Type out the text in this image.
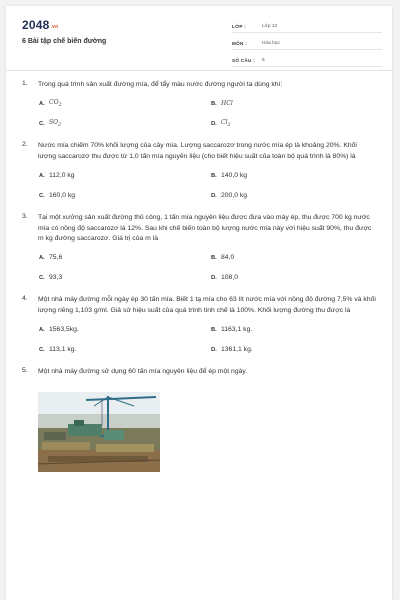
2048.vn
6 Bài tập chế biến đường
LỚP :	Lớp 12
MÔN :	Hóa học
SỐ CÂU :	6
1. Trong quá trình sản xuất đường mía, để tẩy màu nước đường người ta dùng khí:
A. $CO_2$	B. HCl
C. $SO_2$	D. $Cl_2$
2. Nước mía chiếm 70% khối lượng của cây mía. Lượng saccarozơ trong nước mía ép là khoảng 20%. Khối lượng saccarozơ thu được từ 1,0 tấn mía nguyên liệu (cho biết hiệu suất của toàn bộ quá trình là 80%) là
A. 112,0 kg	B. 140,0 kg
C. 160,0 kg	D. 200,0 kg
3. Tại một xưởng sản xuất đường thủ công, 1 tấn mía nguyên liệu được đưa vào máy ép, thu được 700 kg nước mía có nồng độ saccarozơ là 12%. Sau khi chế biến toàn bộ lượng nước mía này với hiệu suất 90%, thu được m kg đường saccarozơ. Giá trị của m là
A. 75,6	B. 84,0
C. 93,3	D. 108,0
4. Một nhà máy đường mỗi ngày ép 30 tấn mía. Biết 1 tạ mía cho 63 lít nước mía với nồng độ đường 7,5% và khối lượng riêng 1,103 g/ml. Giả sử hiệu suất của quá trình tinh chế là 100%. Khối lượng đường thu được là
A. 1563,5kg.	B. 1163,1 kg.
C. 113,1 kg.	D. 1361,1 kg.
5. Một nhà máy đường sử dụng 60 tấn mía nguyên liệu để ép một ngày.
